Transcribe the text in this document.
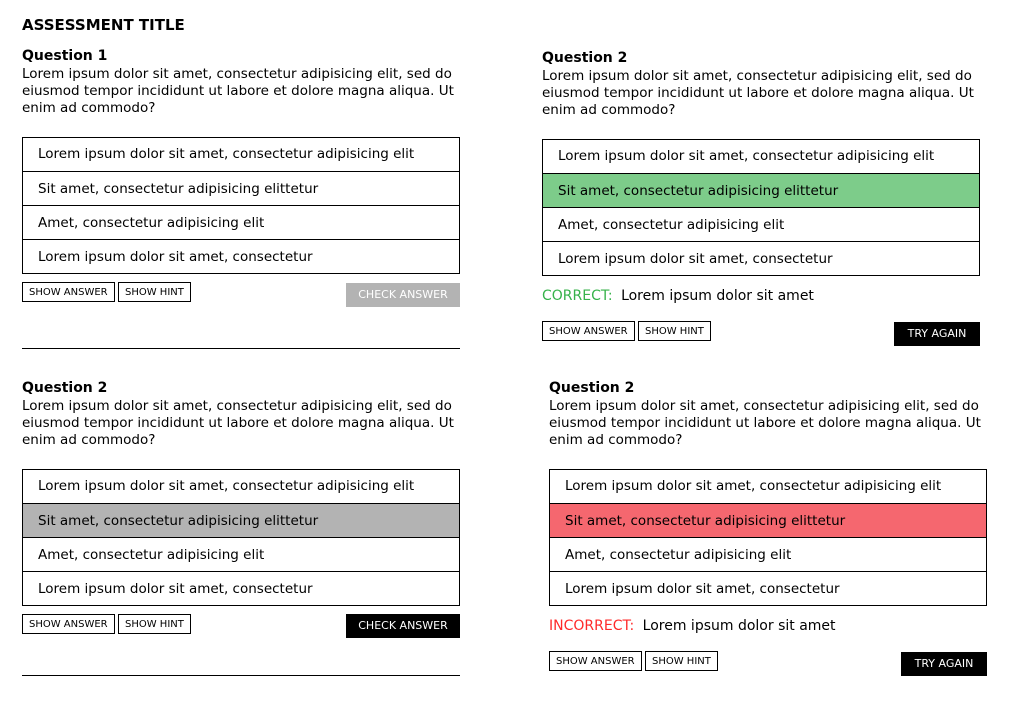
ASSESSMENT TITLE
Question 1
Lorem ipsum dolor sit amet, consectetur adipisicing elit, sed do eiusmod tempor incididunt ut labore et dolore magna aliqua. Ut enim ad commodo?
Lorem ipsum dolor sit amet, consectetur adipisicing elit
Sit amet, consectetur adipisicing elittetur
Amet, consectetur adipisicing elit
Lorem ipsum dolor sit amet, consectetur
SHOW ANSWER	SHOW HINT	CHECK ANSWER
Question 2
Lorem ipsum dolor sit amet, consectetur adipisicing elit, sed do eiusmod tempor incididunt ut labore et dolore magna aliqua. Ut enim ad commodo?
Lorem ipsum dolor sit amet, consectetur adipisicing elit
Sit amet, consectetur adipisicing elittetur
Amet, consectetur adipisicing elit
Lorem ipsum dolor sit amet, consectetur
CORRECT: Lorem ipsum dolor sit amet
SHOW ANSWER	SHOW HINT	TRY AGAIN
Question 2
Lorem ipsum dolor sit amet, consectetur adipisicing elit, sed do eiusmod tempor incididunt ut labore et dolore magna aliqua. Ut enim ad commodo?
Lorem ipsum dolor sit amet, consectetur adipisicing elit
Sit amet, consectetur adipisicing elittetur
Amet, consectetur adipisicing elit
Lorem ipsum dolor sit amet, consectetur
SHOW ANSWER	SHOW HINT	CHECK ANSWER
Question 2
Lorem ipsum dolor sit amet, consectetur adipisicing elit, sed do eiusmod tempor incididunt ut labore et dolore magna aliqua. Ut enim ad commodo?
Lorem ipsum dolor sit amet, consectetur adipisicing elit
Sit amet, consectetur adipisicing elittetur
Amet, consectetur adipisicing elit
Lorem ipsum dolor sit amet, consectetur
INCORRECT: Lorem ipsum dolor sit amet
SHOW ANSWER	SHOW HINT	TRY AGAIN
